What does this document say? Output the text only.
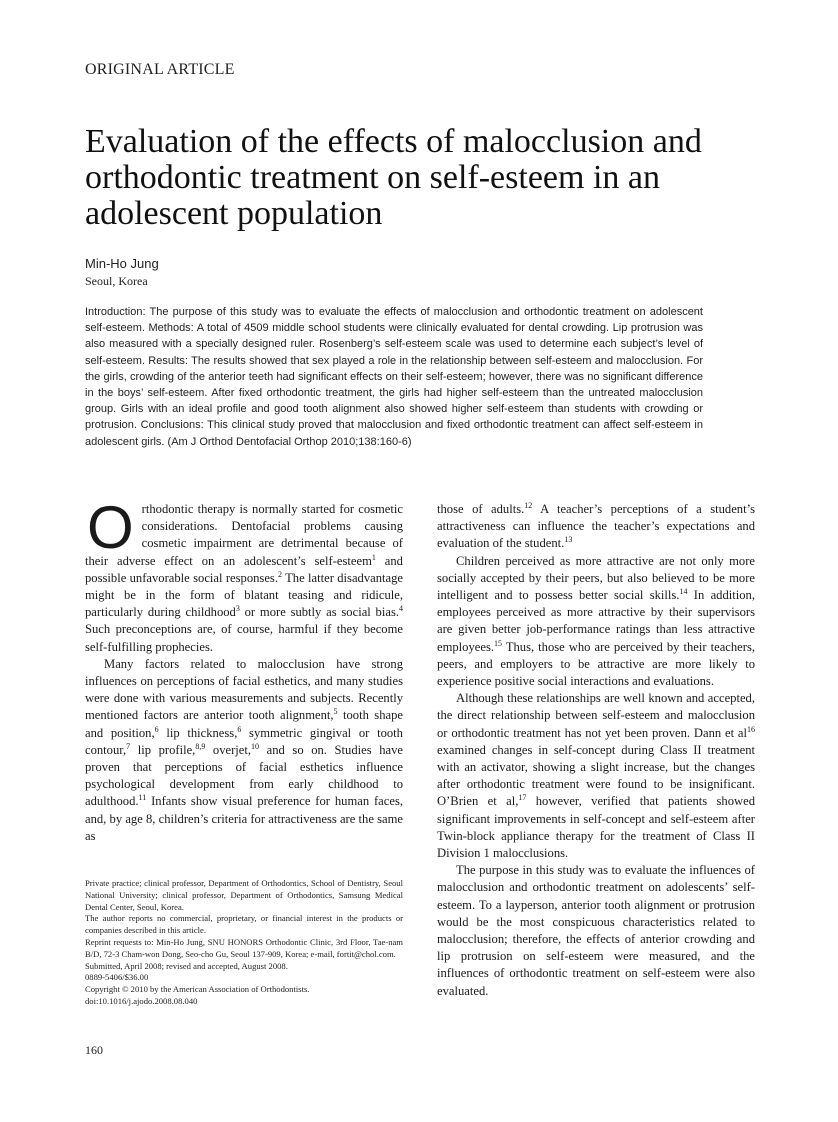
ORIGINAL ARTICLE
Evaluation of the effects of malocclusion and orthodontic treatment on self-esteem in an adolescent population
Min-Ho Jung
Seoul, Korea

Introduction: The purpose of this study was to evaluate the effects of malocclusion and orthodontic treatment on adolescent self-esteem. Methods: A total of 4509 middle school students were clinically evaluated for dental crowding. Lip protrusion was also measured with a specially designed ruler. Rosenberg’s self-esteem scale was used to determine each subject’s level of self-esteem. Results: The results showed that sex played a role in the relationship between self-esteem and malocclusion. For the girls, crowding of the anterior teeth had significant effects on their self-esteem; however, there was no significant difference in the boys’ self-esteem. After fixed orthodontic treatment, the girls had higher self-esteem than the untreated malocclusion group. Girls with an ideal profile and good tooth alignment also showed higher self-esteem than students with crowding or protrusion. Conclusions: This clinical study proved that malocclusion and fixed orthodontic treatment can affect self-esteem in adolescent girls. (Am J Orthod Dentofacial Orthop 2010;138:160-6)

Orthodontic therapy is normally started for cosmetic considerations. Dentofacial problems causing cosmetic impairment are detrimental because of their adverse effect on an adolescent’s self-esteem$^1$ and possible unfavorable social responses.$^2$ The latter disadvantage might be in the form of blatant teasing and ridicule, particularly during childhood$^3$ or more subtly as social bias.$^4$ Such preconceptions are, of course, harmful if they become self-fulfilling prophecies.

Many factors related to malocclusion have strong influences on perceptions of facial esthetics, and many studies were done with various measurements and subjects. Recently mentioned factors are anterior tooth alignment,$^5$ tooth shape and position,$^6$ lip thickness,$^6$ symmetric gingival or tooth contour,$^7$ lip profile,$^{8,9}$ overjet,$^{10}$ and so on. Studies have proven that perceptions of facial esthetics influence psychological development from early childhood to adulthood.$^{11}$ Infants show visual preference for human faces, and, by age 8, children’s criteria for attractiveness are the same as

those of adults.$^{12}$ A teacher’s perceptions of a student’s attractiveness can influence the teacher’s expectations and evaluation of the student.$^{13}$

Children perceived as more attractive are not only more socially accepted by their peers, but also believed to be more intelligent and to possess better social skills.$^{14}$ In addition, employees perceived as more attractive by their supervisors are given better job-performance ratings than less attractive employees.$^{15}$ Thus, those who are perceived by their teachers, peers, and employers to be attractive are more likely to experience positive social interactions and evaluations.

Although these relationships are well known and accepted, the direct relationship between self-esteem and malocclusion or orthodontic treatment has not yet been proven. Dann et $al^{16}$ examined changes in self-concept during Class II treatment with an activator, showing a slight increase, but the changes after orthodontic treatment were found to be insignificant. O’Brien et al,$^{17}$ however, verified that patients showed significant improvements in self-concept and self-esteem after Twin-block appliance therapy for the treatment of Class II Division 1 malocclusions.

The purpose in this study was to evaluate the influences of malocclusion and orthodontic treatment on adolescents’ self-esteem. To a layperson, anterior tooth alignment or protrusion would be the most conspicuous characteristics related to malocclusion; therefore, the effects of anterior crowding and lip protrusion on self-esteem were measured, and the influences of orthodontic treatment on self-esteem were also evaluated.

Private practice; clinical professor, Department of Orthodontics, School of Dentistry, Seoul National University; clinical professor, Department of Orthodontics, Samsung Medical Dental Center, Seoul, Korea.

The author reports no commercial, proprietary, or financial interest in the products or companies described in this article.

Reprint requests to: Min-Ho Jung, SNU HONORS Orthodontic Clinic, 3rd Floor, Tae-nam B/D, 72-3 Cham-won Dong, Seo-cho Gu, Seoul 137-909, Korea; e-mail, fortit@chol.com.

Submitted, April 2008; revised and accepted, August 2008.

0889-5406/$36.00

Copyright © 2010 by the American Association of Orthodontists.

doi:10.1016/j.ajodo.2008.08.040

160
